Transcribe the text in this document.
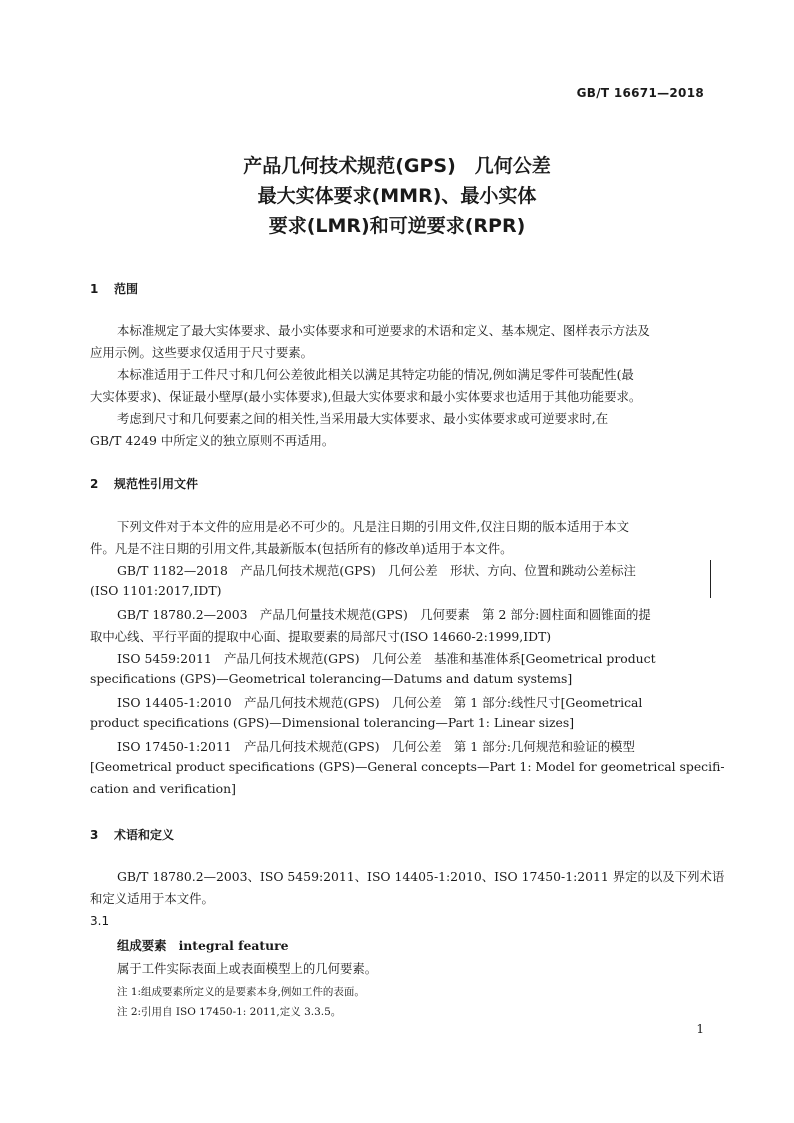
GB/T 16671—2018
产品几何技术规范(GPS)　几何公差
最大实体要求(MMR)、最小实体
要求(LMR)和可逆要求(RPR)
1 范围
本标准规定了最大实体要求、最小实体要求和可逆要求的术语和定义、基本规定、图样表示方法及
应用示例。这些要求仅适用于尺寸要素。
本标准适用于工件尺寸和几何公差彼此相关以满足其特定功能的情况,例如满足零件可装配性(最
大实体要求)、保证最小壁厚(最小实体要求),但最大实体要求和最小实体要求也适用于其他功能要求。
考虑到尺寸和几何要素之间的相关性,当采用最大实体要求、最小实体要求或可逆要求时,在
GB/T 4249 中所定义的独立原则不再适用。
2 规范性引用文件
下列文件对于本文件的应用是必不可少的。凡是注日期的引用文件,仅注日期的版本适用于本文
件。凡是不注日期的引用文件,其最新版本(包括所有的修改单)适用于本文件。
GB/T 1182—2018　产品几何技术规范(GPS)　几何公差　形状、方向、位置和跳动公差标注
(ISO 1101:2017,IDT)
GB/T 18780.2—2003　产品几何量技术规范(GPS)　几何要素　第 2 部分:圆柱面和圆锥面的提
取中心线、平行平面的提取中心面、提取要素的局部尺寸(ISO 14660-2:1999,IDT)
ISO 5459:2011　产品几何技术规范(GPS)　几何公差　基准和基准体系[Geometrical product
specifications (GPS)—Geometrical tolerancing—Datums and datum systems]
ISO 14405-1:2010　产品几何技术规范(GPS)　几何公差　第 1 部分:线性尺寸[Geometrical
product specifications (GPS)—Dimensional tolerancing—Part 1: Linear sizes]
ISO 17450-1:2011　产品几何技术规范(GPS)　几何公差　第 1 部分:几何规范和验证的模型
[Geometrical product specifications (GPS)—General concepts—Part 1: Model for geometrical specifi-
cation and verification]
3 术语和定义
GB/T 18780.2—2003、ISO 5459:2011、ISO 14405-1:2010、ISO 17450-1:2011 界定的以及下列术语
和定义适用于本文件。
3.1
组成要素 integral feature
属于工件实际表面上或表面模型上的几何要素。
注 1:组成要素所定义的是要素本身,例如工件的表面。
注 2:引用自 ISO 17450-1: 2011,定义 3.3.5。
1
